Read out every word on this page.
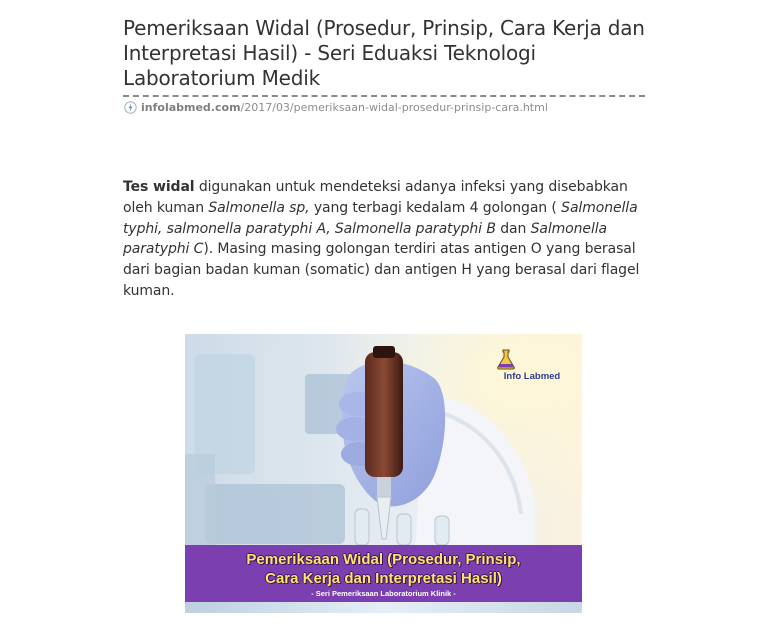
Pemeriksaan Widal (Prosedur, Prinsip, Cara Kerja dan Interpretasi Hasil) - Seri Eduaksi Teknologi Laboratorium Medik
infolabmed.com /2017/03/pemeriksaan-widal-prosedur-prinsip-cara.html

Tes widal digunakan untuk mendeteksi adanya infeksi yang disebabkan oleh kuman Salmonella sp, yang terbagi kedalam 4 golongan ( Salmonella typhi, salmonella paratyphi A, Salmonella paratyphi B dan Salmonella paratyphi C). Masing masing golongan terdiri atas antigen O yang berasal dari bagian badan kuman (somatic) dan antigen H yang berasal dari flagel kuman.

Info Labmed
Pemeriksaan Widal (Prosedur, Prinsip,
Cara Kerja dan Interpretasi Hasil)
- Seri Pemeriksaan Laboratorium Klinik -
